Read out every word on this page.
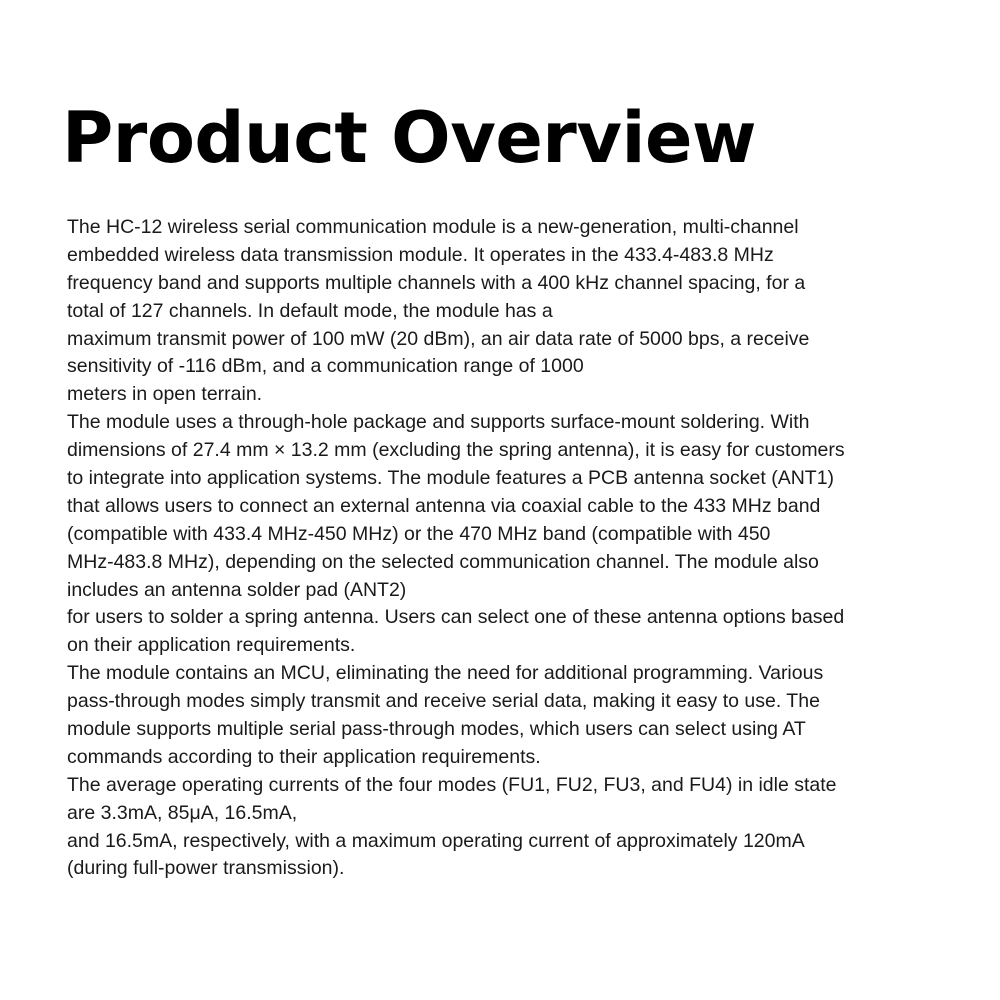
Product Overview
The HC-12 wireless serial communication module is a new-generation, multi-channel
embedded wireless data transmission module. It operates in the 433.4-483.8 MHz
frequency band and supports multiple channels with a 400 kHz channel spacing, for a
total of 127 channels. In default mode, the module has a
maximum transmit power of 100 mW (20 dBm), an air data rate of 5000 bps, a receive
sensitivity of -116 dBm, and a communication range of 1000
meters in open terrain.
The module uses a through-hole package and supports surface-mount soldering. With
dimensions of 27.4 mm × 13.2 mm (excluding the spring antenna), it is easy for customers
to integrate into application systems. The module features a PCB antenna socket (ANT1)
that allows users to connect an external antenna via coaxial cable to the 433 MHz band
(compatible with 433.4 MHz-450 MHz) or the 470 MHz band (compatible with 450
MHz-483.8 MHz), depending on the selected communication channel. The module also
includes an antenna solder pad (ANT2)
for users to solder a spring antenna. Users can select one of these antenna options based
on their application requirements.
The module contains an MCU, eliminating the need for additional programming. Various
pass-through modes simply transmit and receive serial data, making it easy to use. The
module supports multiple serial pass-through modes, which users can select using AT
commands according to their application requirements.
The average operating currents of the four modes (FU1, FU2, FU3, and FU4) in idle state
are 3.3mA, 85μA, 16.5mA,
and 16.5mA, respectively, with a maximum operating current of approximately 120mA
(during full-power transmission).
